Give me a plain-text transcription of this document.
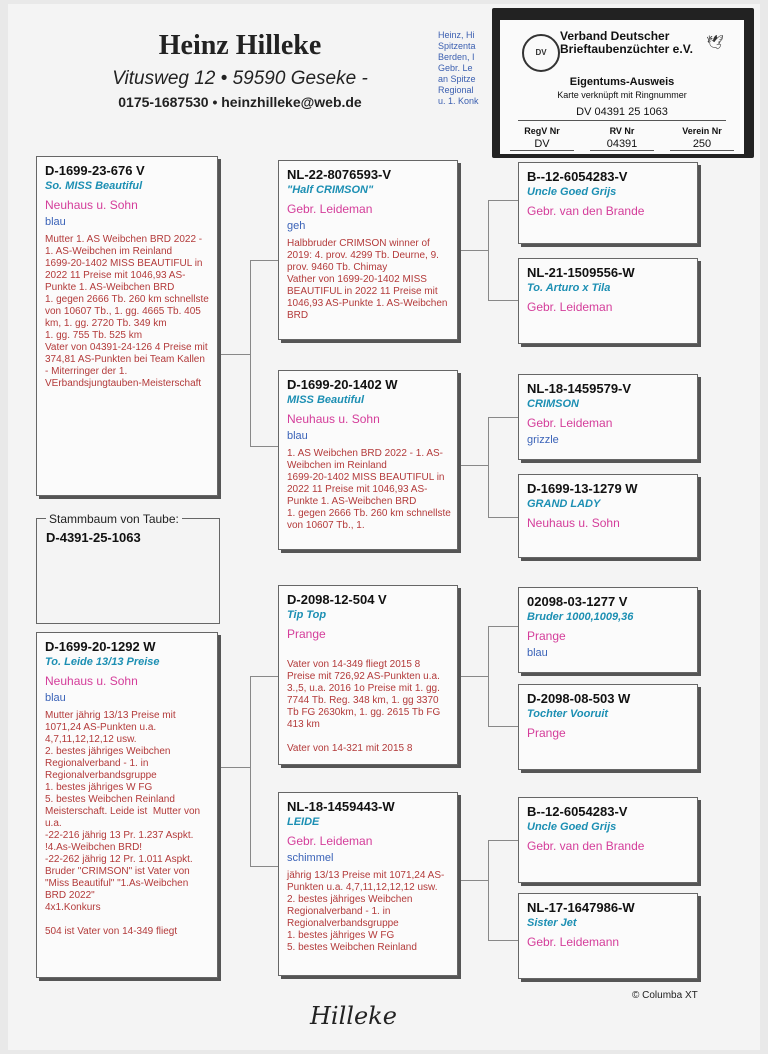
Heinz Hilleke
Vitusweg 12 • 59590 Geseke -
0175-1687530 • heinzhilleke@web.de
Heinz, Hi
Spitzenta
Berden, I
Gebr. Le
an Spitze
Regional
u. 1. Konk
DV
Verband Deutscher
Brieftaubenzüchter e.V. 🕊
Eigentums-Ausweis
Karte verknüpft mit Ringnummer
DV 04391 25 1063
RegV Nr
DV
RV Nr
04391
Verein Nr
250
Stammbaum von Taube:
D-4391-25-1063
D-1699-23-676 V
So. MISS Beautiful
Neuhaus u. Sohn
blau
Mutter 1. AS Weibchen BRD 2022 - 1. AS-Weibchen im Reinland
1699-20-1402 MISS BEAUTIFUL in 2022 11 Preise mit 1046,93 AS-Punkte 1. AS-Weibchen BRD
1. gegen 2666 Tb. 260 km schnellste von 10607 Tb., 1. gg. 4665 Tb. 405 km, 1. gg. 2720 Tb. 349 km
1. gg. 755 Tb. 525 km
Vater von 04391-24-126 4 Preise mit 374,81 AS-Punkten bei Team Kallen - Miterringer der 1. VErbandsjungtauben-Meisterschaft
D-1699-20-1292 W
To. Leide 13/13 Preise
Neuhaus u. Sohn
blau
Mutter jährig 13/13 Preise mit 1071,24 AS-Punkten u.a. 4,7,11,12,12,12 usw.
2. bestes jähriges Weibchen Regionalverband - 1. in Regionalverbandsgruppe
1. bestes jähriges W FG
5. bestes Weibchen Reinland Meisterschaft. Leide ist  Mutter von u.a.
-22-216 jährig 13 Pr. 1.237 Aspkt. !4.As-Weibchen BRD!
-22-262 jährig 12 Pr. 1.011 Aspkt.
Bruder "CRIMSON" ist Vater von "Miss Beautiful" "1.As-Weibchen BRD 2022"
4x1.Konkurs

504 ist Vater von 14-349 fliegt
NL-22-8076593-V
"Half CRIMSON"
Gebr. Leideman
geh
Halbbruder CRIMSON winner of 2019: 4. prov. 4299 Tb. Deurne, 9. prov. 9460 Tb. Chimay
Vather von 1699-20-1402 MISS BEAUTIFUL in 2022 11 Preise mit 1046,93 AS-Punkte 1. AS-Weibchen BRD
D-1699-20-1402 W
MISS Beautiful
Neuhaus u. Sohn
blau
1. AS Weibchen BRD 2022 - 1. AS-Weibchen im Reinland
1699-20-1402 MISS BEAUTIFUL in 2022 11 Preise mit 1046,93 AS-Punkte 1. AS-Weibchen BRD
1. gegen 2666 Tb. 260 km schnellste von 10607 Tb., 1.
D-2098-12-504 V
Tip Top
Prange

Vater von 14-349 fliegt 2015 8 Preise mit 726,92 AS-Punkten u.a. 3.,5, u.a. 2016 1o Preise mit 1. gg. 7744 Tb. Reg. 348 km, 1. gg 3370 Tb FG 2630km, 1. gg. 2615 Tb FG 413 km

Vater von 14-321 mit 2015 8
NL-18-1459443-W
LEIDE
Gebr. Leideman
schimmel
jährig 13/13 Preise mit 1071,24 AS-Punkten u.a. 4,7,11,12,12,12 usw.
2. bestes jähriges Weibchen Regionalverband - 1. in Regionalverbandsgruppe
1. bestes jähriges W FG
5. bestes Weibchen Reinland
B--12-6054283-V
Uncle Goed Grijs
Gebr. van den Brande
NL-21-1509556-W
To. Arturo x Tila
Gebr. Leideman
NL-18-1459579-V
CRIMSON
Gebr. Leideman
grizzle
D-1699-13-1279 W
GRAND LADY
Neuhaus u. Sohn
02098-03-1277 V
Bruder 1000,1009,36
Prange
blau
D-2098-08-503 W
Tochter Vooruit
Prange
B--12-6054283-V
Uncle Goed Grijs
Gebr. van den Brande
NL-17-1647986-W
Sister Jet
Gebr. Leidemann
© Columba XT
Hilleke
